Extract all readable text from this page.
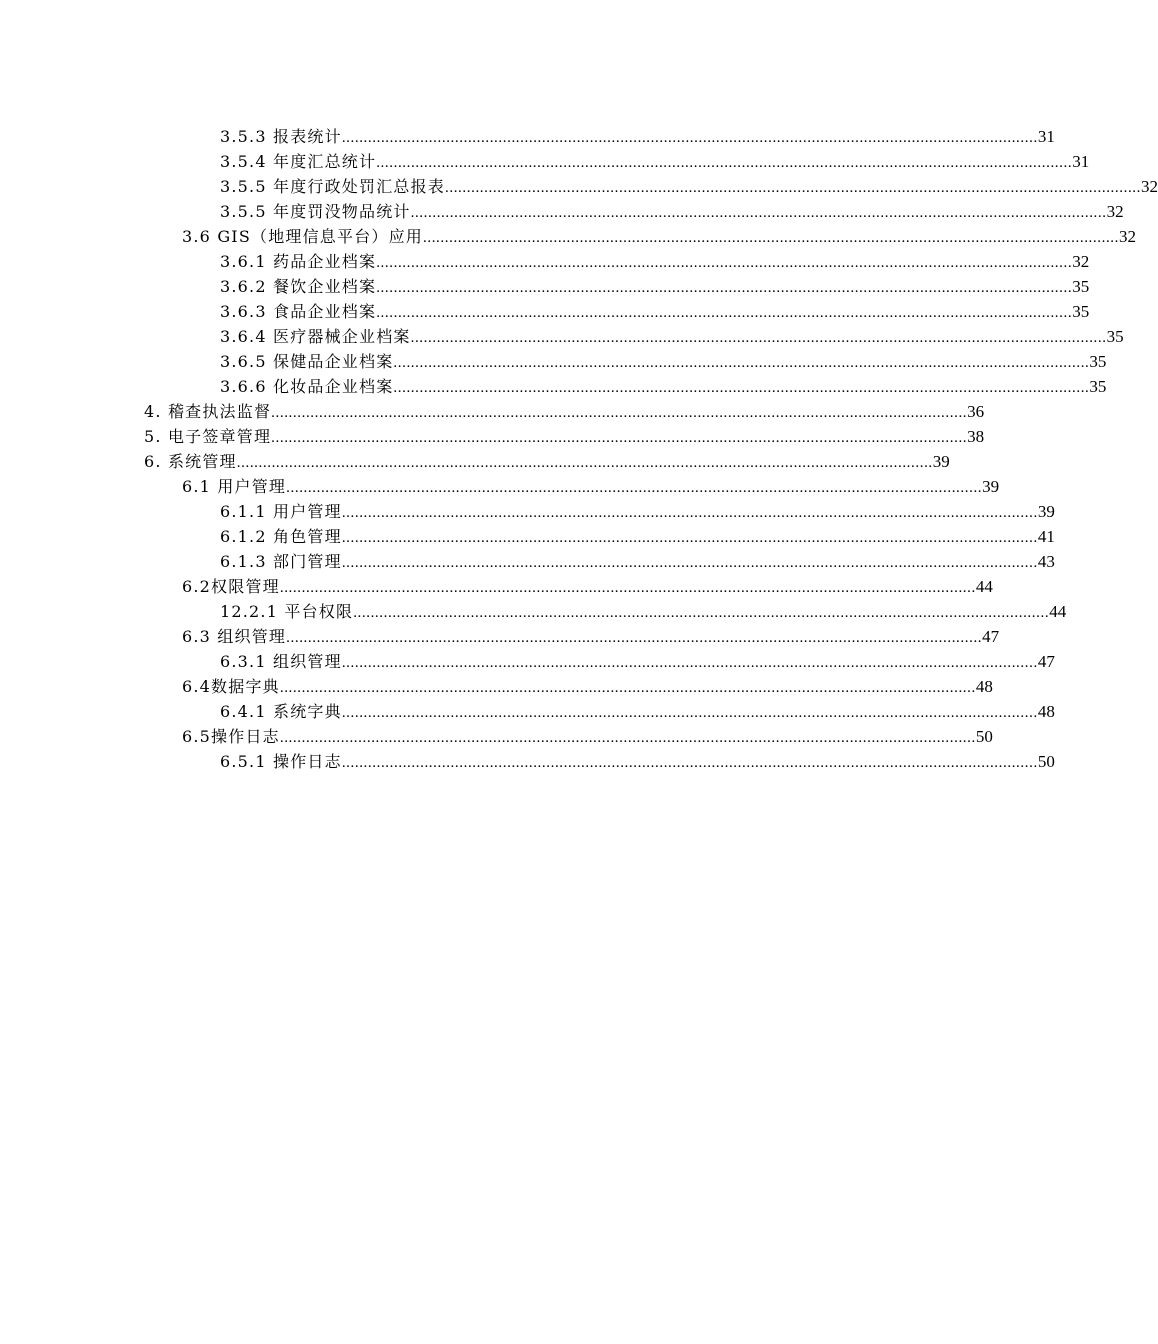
3.5.3 报表统计 ................................................................................................................................................................ 31
3.5.4 年度汇总统计 ................................................................................................................................................................ 31
3.5.5 年度行政处罚汇总报表 ................................................................................................................................................................ 32
3.5.5 年度罚没物品统计 ................................................................................................................................................................ 32
3.6 GIS（地理信息平台）应用 ................................................................................................................................................................ 32
3.6.1 药品企业档案 ................................................................................................................................................................ 32
3.6.2 餐饮企业档案 ................................................................................................................................................................ 35
3.6.3 食品企业档案 ................................................................................................................................................................ 35
3.6.4 医疗器械企业档案 ................................................................................................................................................................ 35
3.6.5 保健品企业档案 ................................................................................................................................................................ 35
3.6.6 化妆品企业档案 ................................................................................................................................................................ 35
4. 稽查执法监督 ................................................................................................................................................................ 36
5. 电子签章管理 ................................................................................................................................................................ 38
6. 系统管理 ................................................................................................................................................................ 39
6.1 用户管理 ................................................................................................................................................................ 39
6.1.1 用户管理 ................................................................................................................................................................ 39
6.1.2 角色管理 ................................................................................................................................................................ 41
6.1.3 部门管理 ................................................................................................................................................................ 43
6.2权限管理 ................................................................................................................................................................ 44
12.2.1 平台权限 ................................................................................................................................................................ 44
6.3 组织管理 ................................................................................................................................................................ 47
6.3.1 组织管理 ................................................................................................................................................................ 47
6.4数据字典 ................................................................................................................................................................ 48
6.4.1 系统字典 ................................................................................................................................................................ 48
6.5操作日志 ................................................................................................................................................................ 50
6.5.1 操作日志 ................................................................................................................................................................ 50
